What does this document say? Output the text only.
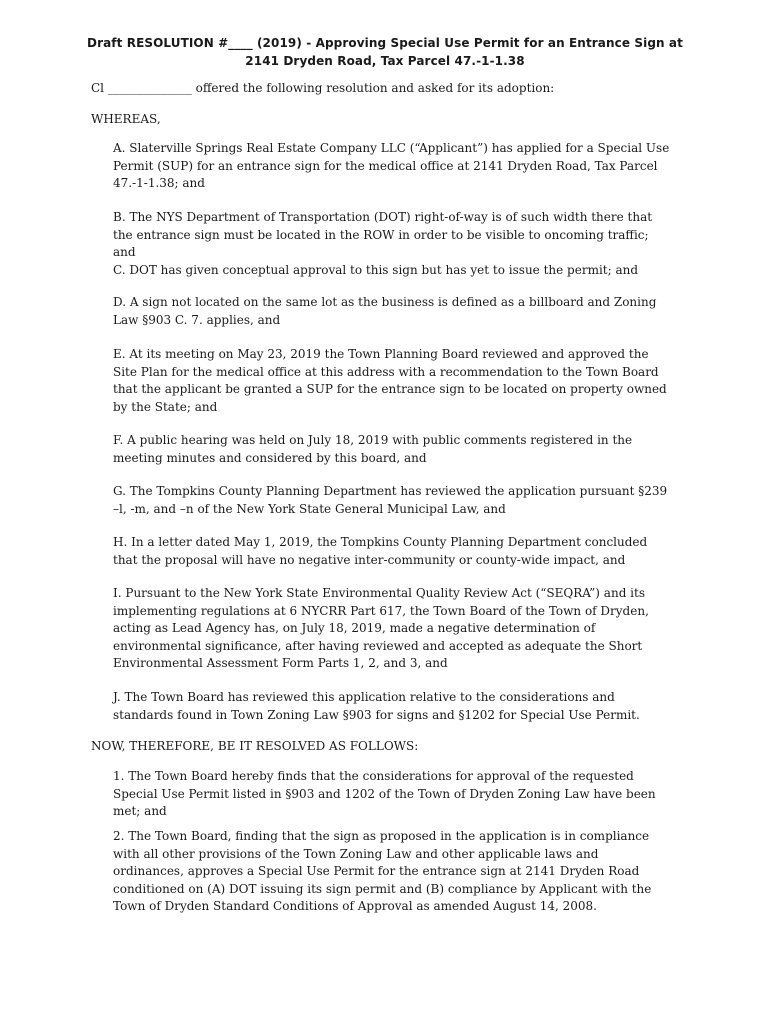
Draft RESOLUTION #____ (2019) - Approving Special Use Permit for an Entrance Sign at
2141 Dryden Road, Tax Parcel 47.-1-1.38

Cl ______________ offered the following resolution and asked for its adoption:

WHEREAS,

A. Slaterville Springs Real Estate Company LLC (“Applicant”) has applied for a Special Use Permit (SUP) for an entrance sign for the medical office at 2141 Dryden Road, Tax Parcel 47.-1-1.38; and

B. The NYS Department of Transportation (DOT) right-of-way is of such width there that the entrance sign must be located in the ROW in order to be visible to oncoming traffic; and

C. DOT has given conceptual approval to this sign but has yet to issue the permit; and

D. A sign not located on the same lot as the business is defined as a billboard and Zoning Law §903 C. 7. applies, and

E. At its meeting on May 23, 2019 the Town Planning Board reviewed and approved the Site Plan for the medical office at this address with a recommendation to the Town Board that the applicant be granted a SUP for the entrance sign to be located on property owned by the State; and

F. A public hearing was held on July 18, 2019 with public comments registered in the meeting minutes and considered by this board, and

G. The Tompkins County Planning Department has reviewed the application pursuant §239 –l, -m, and –n of the New York State General Municipal Law, and

H. In a letter dated May 1, 2019, the Tompkins County Planning Department concluded that the proposal will have no negative inter-community or county-wide impact, and

I. Pursuant to the New York State Environmental Quality Review Act (“SEQRA”) and its implementing regulations at 6 NYCRR Part 617, the Town Board of the Town of Dryden, acting as Lead Agency has, on July 18, 2019, made a negative determination of environmental significance, after having reviewed and accepted as adequate the Short Environmental Assessment Form Parts 1, 2, and 3, and

J. The Town Board has reviewed this application relative to the considerations and standards found in Town Zoning Law §903 for signs and §1202 for Special Use Permit.

NOW, THEREFORE, BE IT RESOLVED AS FOLLOWS:

1. The Town Board hereby finds that the considerations for approval of the requested Special Use Permit listed in §903 and 1202 of the Town of Dryden Zoning Law have been met; and

2. The Town Board, finding that the sign as proposed in the application is in compliance with all other provisions of the Town Zoning Law and other applicable laws and ordinances, approves a Special Use Permit for the entrance sign at 2141 Dryden Road conditioned on (A) DOT issuing its sign permit and (B) compliance by Applicant with the Town of Dryden Standard Conditions of Approval as amended August 14, 2008.
